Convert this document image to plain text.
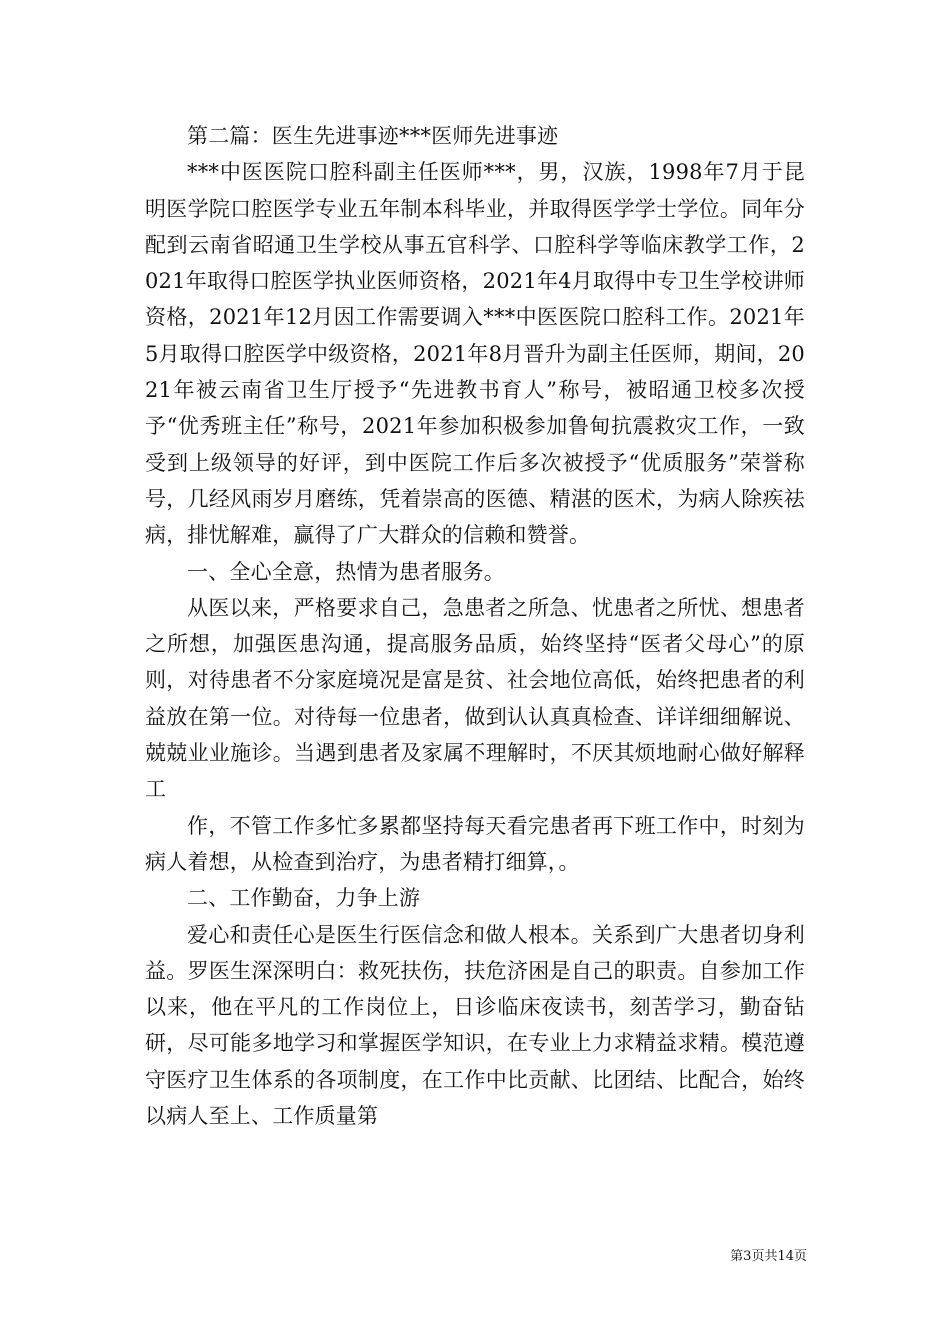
第二篇：医生先进事迹***医师先进事迹

***中医医院口腔科副主任医师***，男，汉族，1998年7月于昆明医学院口腔医学专业五年制本科毕业，并取得医学学士学位。同年分配到云南省昭通卫生学校从事五官科学、口腔科学等临床教学工作，2021年取得口腔医学执业医师资格，2021年4月取得中专卫生学校讲师资格，2021年12月因工作需要调入***中医医院口腔科工作。2021年5月取得口腔医学中级资格，2021年8月晋升为副主任医师，期间，2021年被云南省卫生厅授予“先进教书育人”称号，被昭通卫校多次授予“优秀班主任”称号，2021年参加积极参加鲁甸抗震救灾工作，一致受到上级领导的好评，到中医院工作后多次被授予“优质服务”荣誉称号，几经风雨岁月磨练，凭着崇高的医德、精湛的医术，为病人除疾祛病，排忧解难，赢得了广大群众的信赖和赞誉。

一、全心全意，热情为患者服务。

从医以来，严格要求自己，急患者之所急、忧患者之所忧、想患者之所想，加强医患沟通，提高服务品质，始终坚持“医者父母心”的原则，对待患者不分家庭境况是富是贫、社会地位高低，始终把患者的利益放在第一位。对待每一位患者，做到认认真真检查、详详细细解说、兢兢业业施诊。当遇到患者及家属不理解时，不厌其烦地耐心做好解释工

作，不管工作多忙多累都坚持每天看完患者再下班工作中，时刻为病人着想，从检查到治疗，为患者精打细算，。

二、工作勤奋，力争上游

爱心和责任心是医生行医信念和做人根本。关系到广大患者切身利益。罗医生深深明白：救死扶伤，扶危济困是自己的职责。自参加工作以来，他在平凡的工作岗位上，日诊临床夜读书，刻苦学习，勤奋钻研，尽可能多地学习和掌握医学知识，在专业上力求精益求精。模范遵守医疗卫生体系的各项制度，在工作中比贡献、比团结、比配合，始终以病人至上、工作质量第

第3页共14页
